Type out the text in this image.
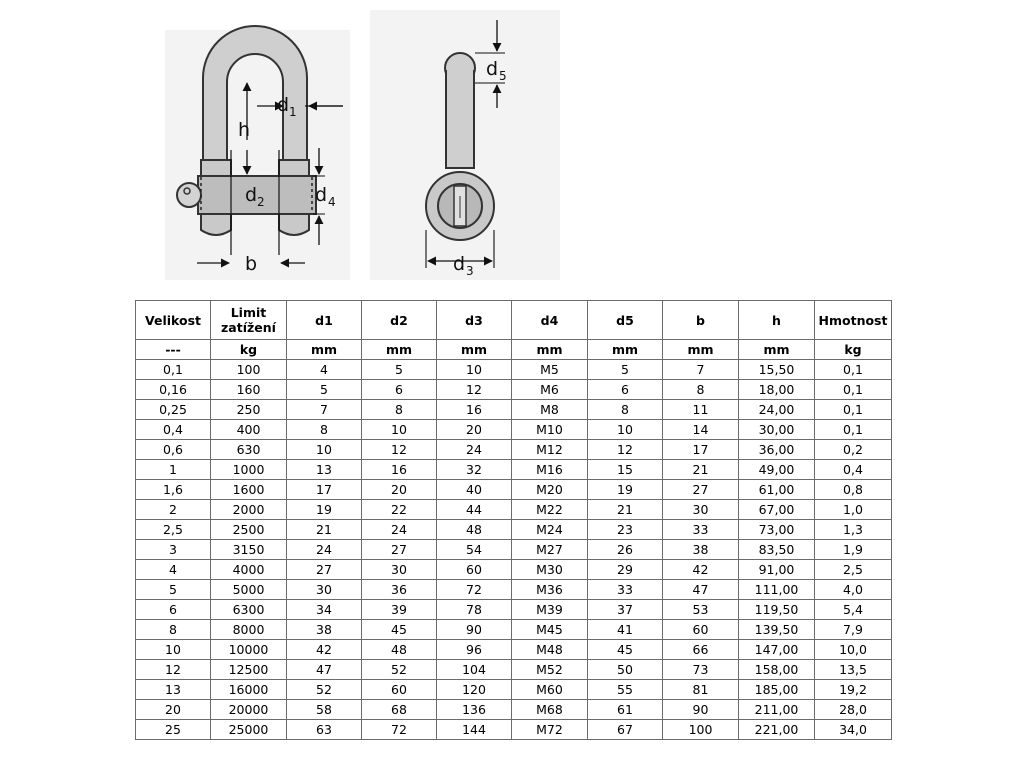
h
d 1
d 2	d 4
b
d 5
d 3
Velikost	Limit zatížení	d1	d2	d3	d4	d5	b	h	Hmotnost
---	kg	mm	mm	mm	mm	mm	mm	mm	kg
0,1	100	4	5	10	M5	5	7	15,50	0,1
0,16	160	5	6	12	M6	6	8	18,00	0,1
0,25	250	7	8	16	M8	8	11	24,00	0,1
0,4	400	8	10	20	M10	10	14	30,00	0,1
0,6	630	10	12	24	M12	12	17	36,00	0,2
1	1000	13	16	32	M16	15	21	49,00	0,4
1,6	1600	17	20	40	M20	19	27	61,00	0,8
2	2000	19	22	44	M22	21	30	67,00	1,0
2,5	2500	21	24	48	M24	23	33	73,00	1,3
3	3150	24	27	54	M27	26	38	83,50	1,9
4	4000	27	30	60	M30	29	42	91,00	2,5
5	5000	30	36	72	M36	33	47	111,00	4,0
6	6300	34	39	78	M39	37	53	119,50	5,4
8	8000	38	45	90	M45	41	60	139,50	7,9
10	10000	42	48	96	M48	45	66	147,00	10,0
12	12500	47	52	104	M52	50	73	158,00	13,5
13	16000	52	60	120	M60	55	81	185,00	19,2
20	20000	58	68	136	M68	61	90	211,00	28,0
25	25000	63	72	144	M72	67	100	221,00	34,0
